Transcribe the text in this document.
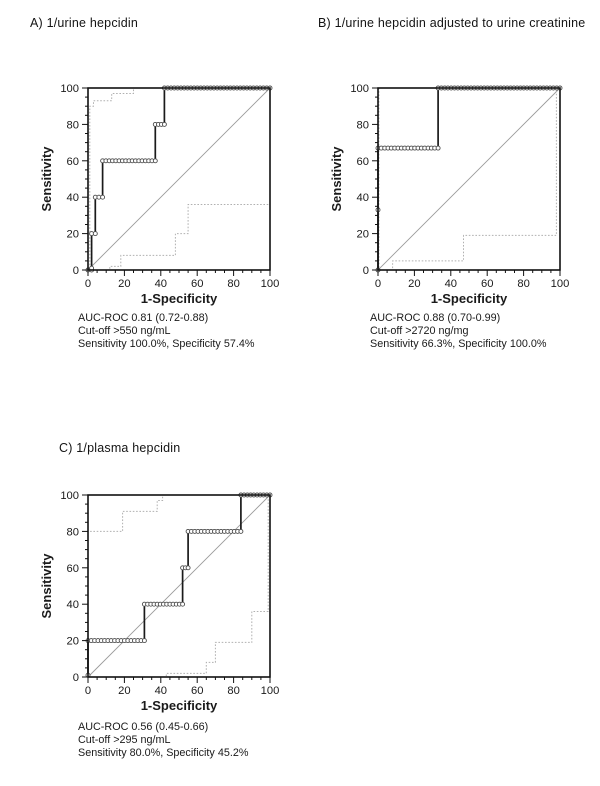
A) 1/urine hepcidin
0
0
20
20
40
40
60
60
80
80
100
100
Sensitivity
1-Specificity
AUC-ROC 0.81 (0.72-0.88)
Cut-off >550 ng/mL
Sensitivity 100.0%, Specificity 57.4%
B) 1/urine hepcidin adjusted to urine creatinine
0
0
20
20
40
40
60
60
80
80
100
100
Sensitivity
1-Specificity
AUC-ROC 0.88 (0.70-0.99)
Cut-off >2720 ng/mg
Sensitivity 66.3%, Specificity 100.0%
C) 1/plasma hepcidin
0
0
20
20
40
40
60
60
80
80
100
100
Sensitivity
1-Specificity
AUC-ROC 0.56 (0.45-0.66)
Cut-off >295 ng/mL
Sensitivity 80.0%, Specificity 45.2%
